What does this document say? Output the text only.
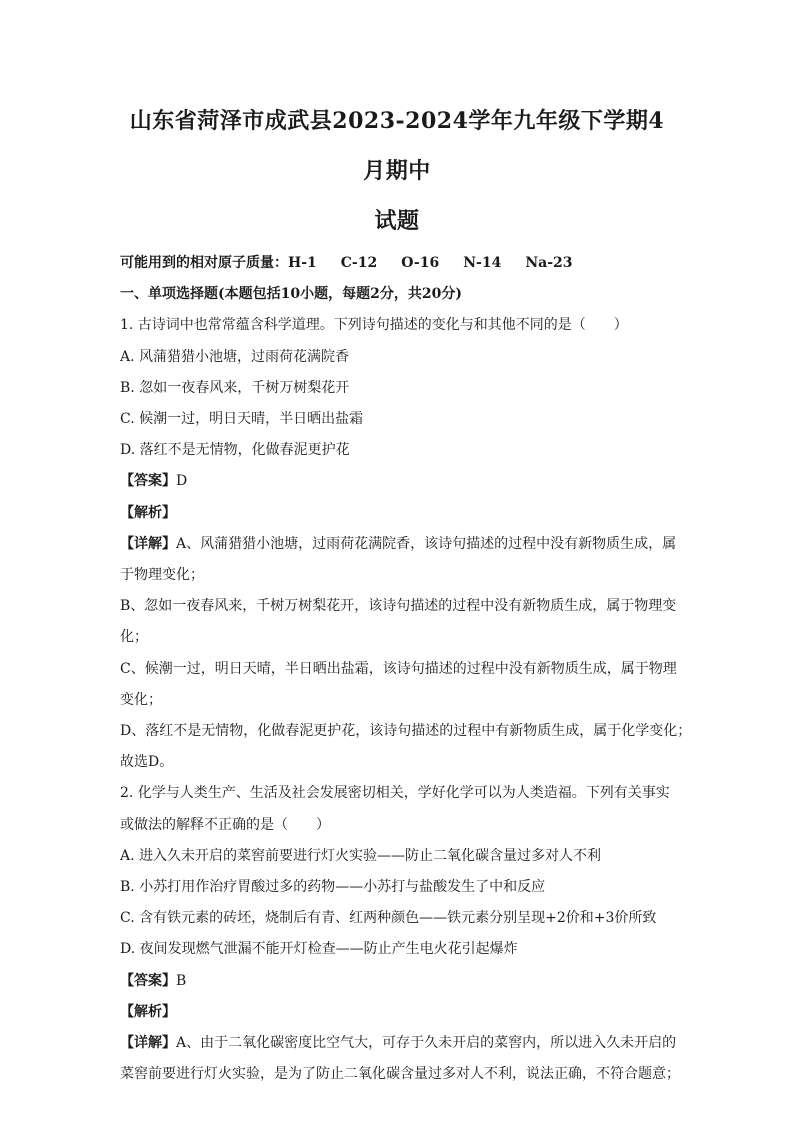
山东省菏泽市成武县2023-2024学年九年级下学期4月期中

试题

可能用到的相对原子质量：H-1 C-12 O-16 N-14 Na-23

一、单项选择题(本题包括10小题，每题2分，共20分)

1. 古诗词中也常常蕴含科学道理。下列诗句描述的变化与和其他不同的是（　　）

A. 风蒲猎猎小池塘，过雨荷花满院香

B. 忽如一夜春风来，千树万树梨花开

C. 候潮一过，明日天晴，半日晒出盐霜

D. 落红不是无情物，化做春泥更护花

【答案】D

【解析】

【详解】A、风蒲猎猎小池塘，过雨荷花满院香，该诗句描述的过程中没有新物质生成，属

于物理变化；

B、忽如一夜春风来，千树万树梨花开，该诗句描述的过程中没有新物质生成，属于物理变

化；

C、候潮一过，明日天晴，半日晒出盐霜，该诗句描述的过程中没有新物质生成，属于物理

变化；

D、落红不是无情物，化做春泥更护花，该诗句描述的过程中有新物质生成，属于化学变化；

故选D。

2. 化学与人类生产、生活及社会发展密切相关，学好化学可以为人类造福。下列有关事实

或做法的解释不正确的是（　　）

A. 进入久未开启的菜窖前要进行灯火实验——防止二氧化碳含量过多对人不利

B. 小苏打用作治疗胃酸过多的药物——小苏打与盐酸发生了中和反应

C. 含有铁元素的砖坯，烧制后有青、红两种颜色——铁元素分别呈现+2价和+3价所致

D. 夜间发现燃气泄漏不能开灯检查——防止产生电火花引起爆炸

【答案】B

【解析】

【详解】A、由于二氧化碳密度比空气大，可存于久未开启的菜窖内，所以进入久未开启的

菜窖前要进行灯火实验，是为了防止二氧化碳含量过多对人不利，说法正确，不符合题意；
